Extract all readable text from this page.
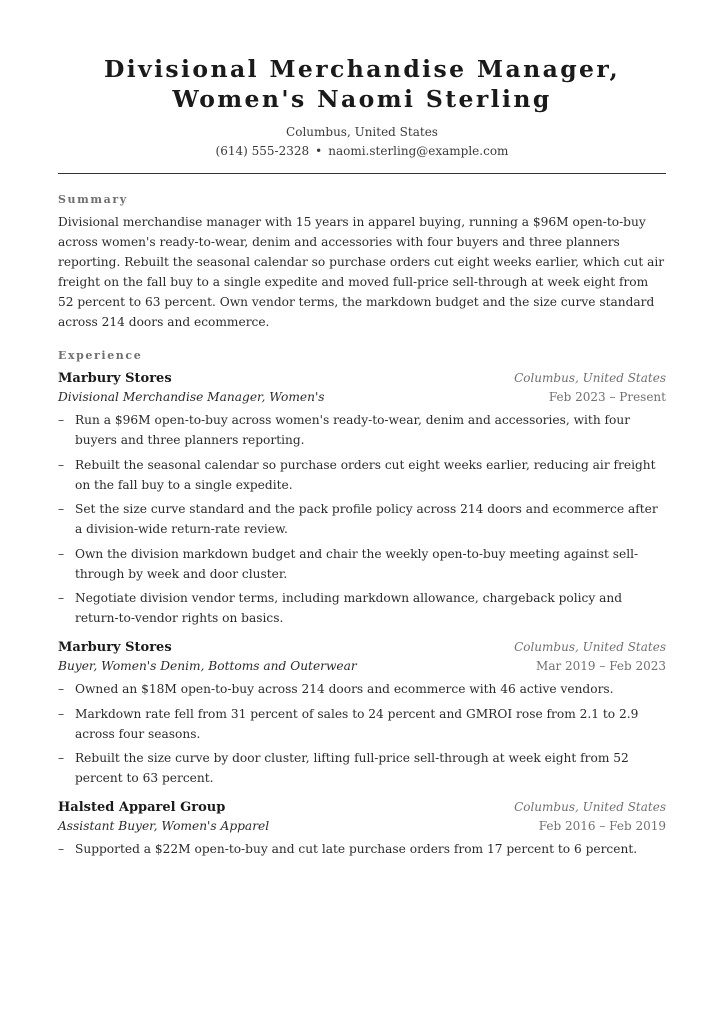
Divisional Merchandise Manager,
Women's Naomi Sterling
Columbus, United States
(614) 555-2328 • naomi.sterling@example.com
Summary
Divisional merchandise manager with 15 years in apparel buying, running a $96M open-to-buy across women's ready-to-wear, denim and accessories with four buyers and three planners reporting. Rebuilt the seasonal calendar so purchase orders cut eight weeks earlier, which cut air freight on the fall buy to a single expedite and moved full-price sell-through at week eight from 52 percent to 63 percent. Own vendor terms, the markdown budget and the size curve standard across 214 doors and ecommerce.
Experience
Marbury Stores	Columbus, United States
Divisional Merchandise Manager, Women's	Feb 2023 – Present
– Run a $96M open-to-buy across women's ready-to-wear, denim and accessories, with four buyers and three planners reporting.
– Rebuilt the seasonal calendar so purchase orders cut eight weeks earlier, reducing air freight on the fall buy to a single expedite.
– Set the size curve standard and the pack profile policy across 214 doors and ecommerce after a division-wide return-rate review.
– Own the division markdown budget and chair the weekly open-to-buy meeting against sell-through by week and door cluster.
– Negotiate division vendor terms, including markdown allowance, chargeback policy and return-to-vendor rights on basics.
Marbury Stores	Columbus, United States
Buyer, Women's Denim, Bottoms and Outerwear	Mar 2019 – Feb 2023
– Owned an $18M open-to-buy across 214 doors and ecommerce with 46 active vendors.
– Markdown rate fell from 31 percent of sales to 24 percent and GMROI rose from 2.1 to 2.9 across four seasons.
– Rebuilt the size curve by door cluster, lifting full-price sell-through at week eight from 52 percent to 63 percent.
Halsted Apparel Group	Columbus, United States
Assistant Buyer, Women's Apparel	Feb 2016 – Feb 2019
– Supported a $22M open-to-buy and cut late purchase orders from 17 percent to 6 percent.
